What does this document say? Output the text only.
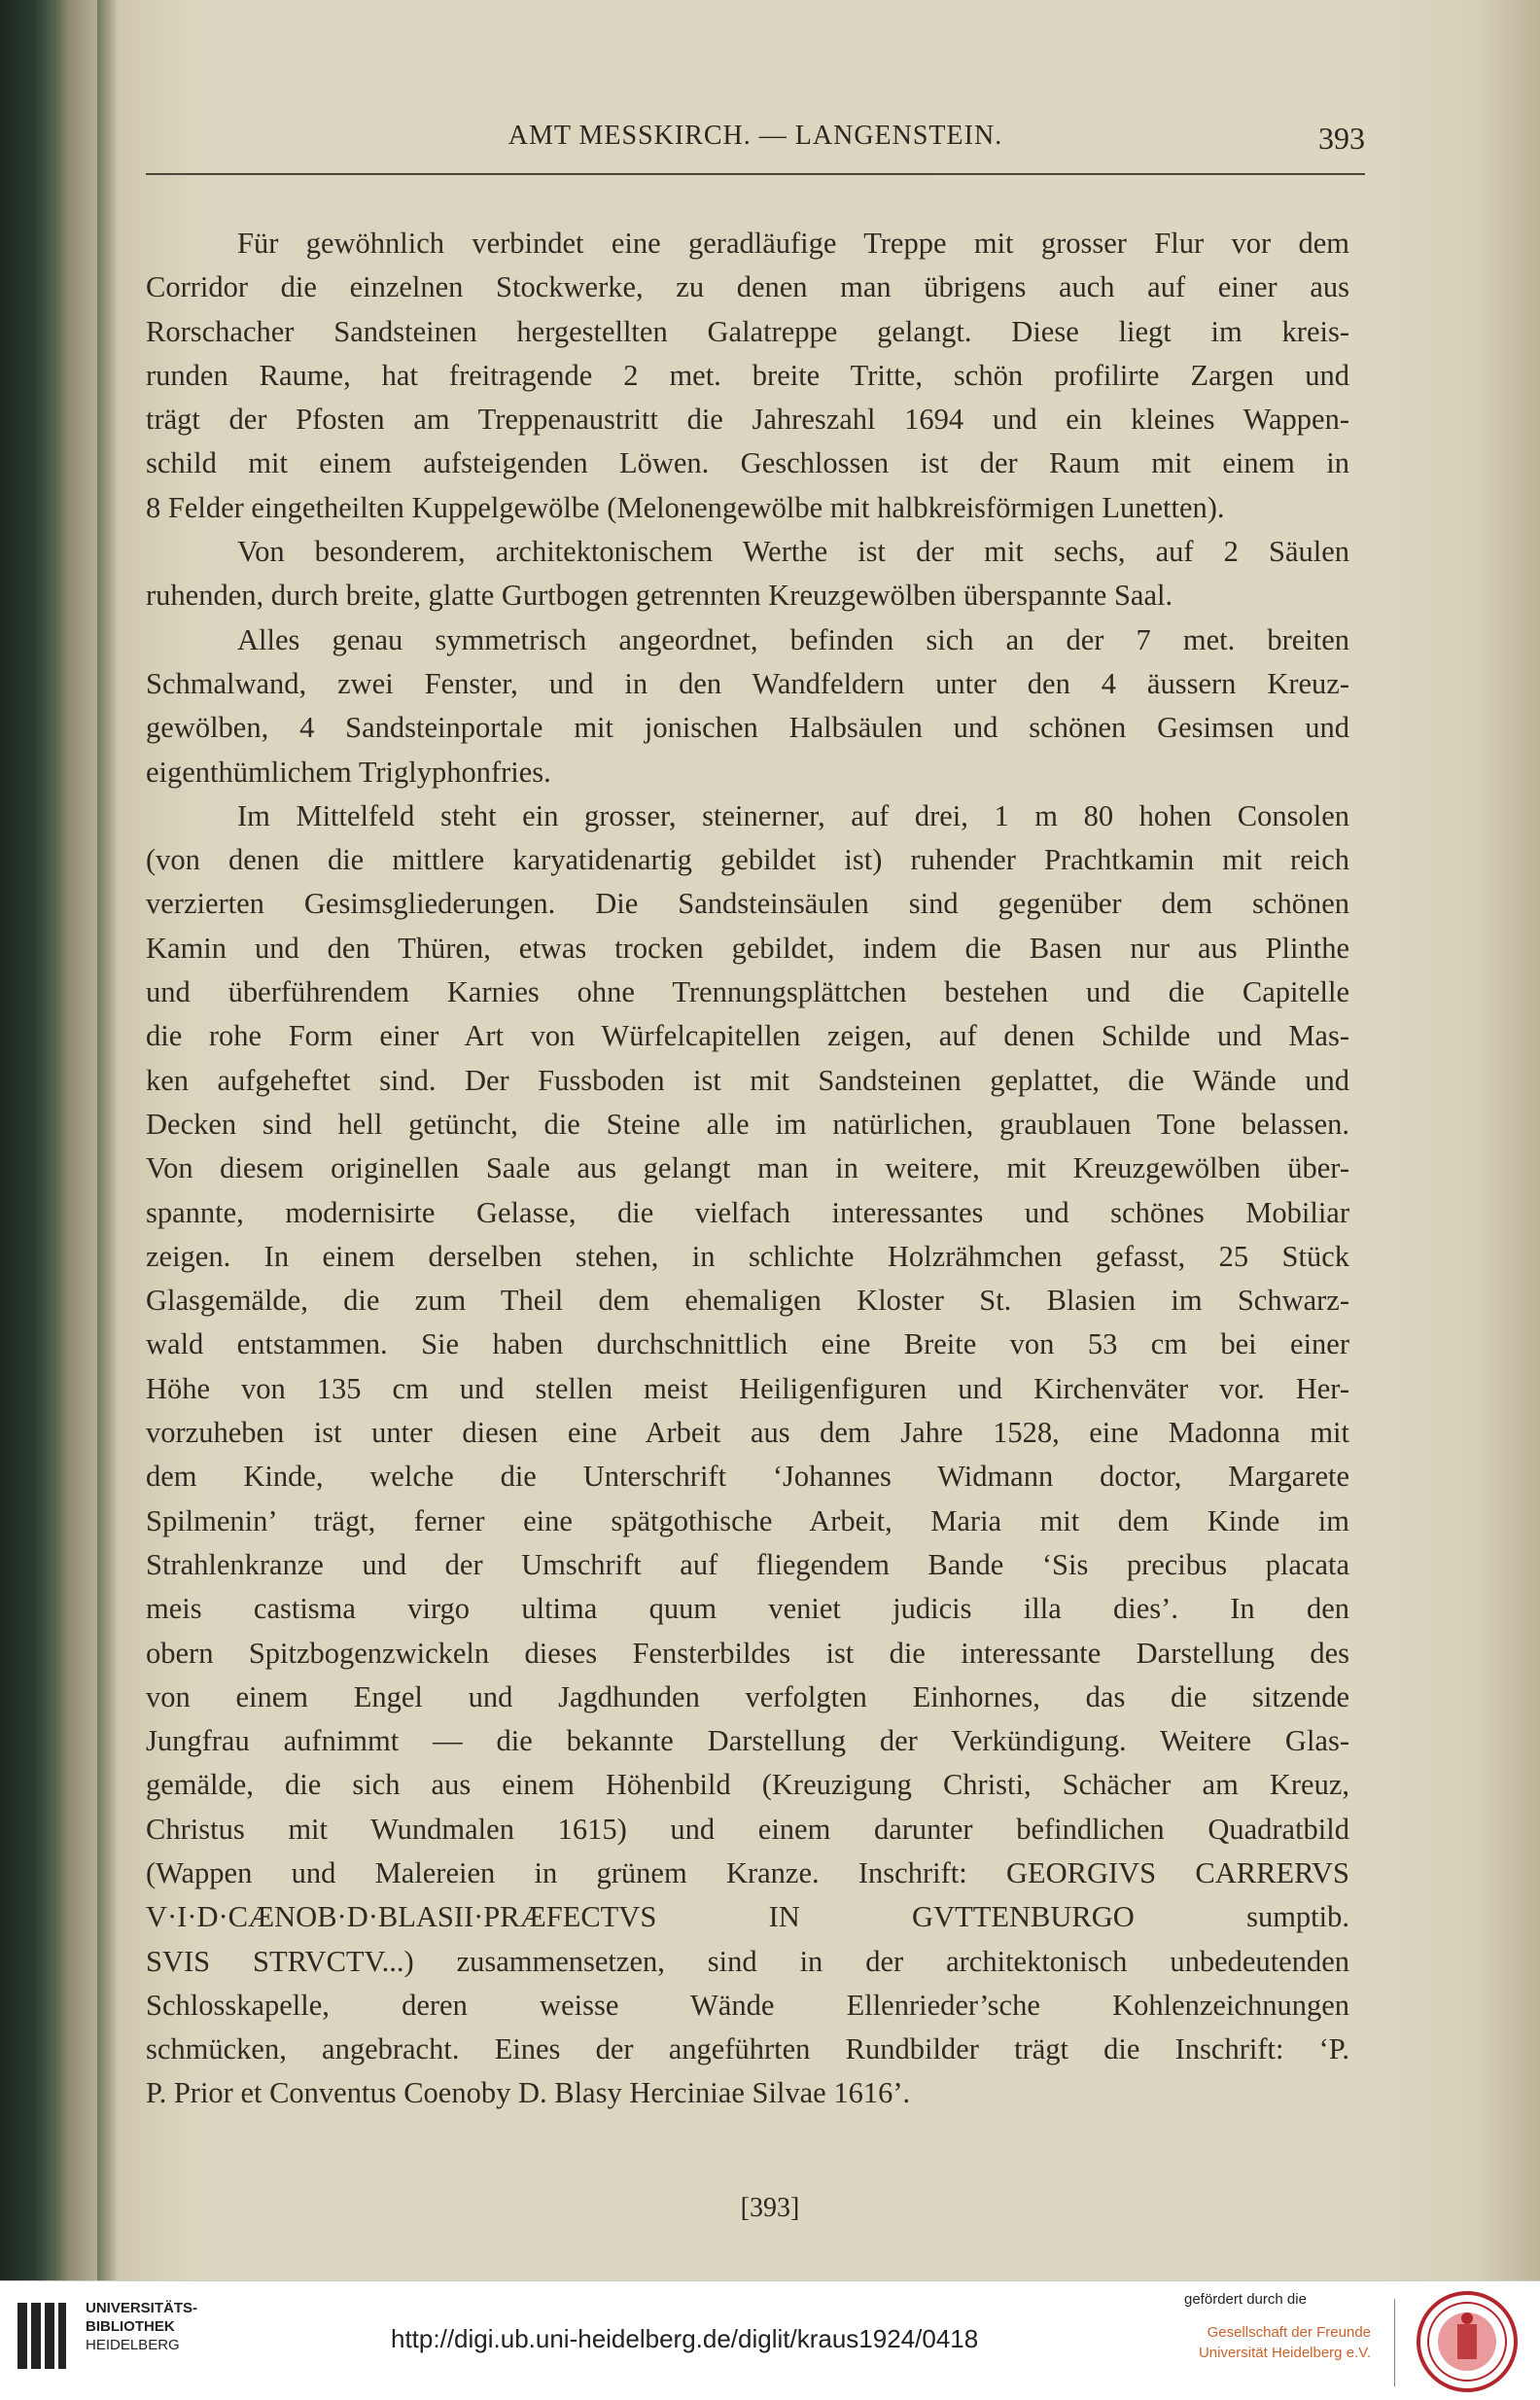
AMT MESSKIRCH. — LANGENSTEIN.	393
Für gewöhnlich verbindet eine geradläufige Treppe mit grosser Flur vor dem
Corridor die einzelnen Stockwerke, zu denen man übrigens auch auf einer aus
Rorschacher Sandsteinen hergestellten Galatreppe gelangt. Diese liegt im kreis-
runden Raume, hat freitragende 2 met. breite Tritte, schön profilirte Zargen und
trägt der Pfosten am Treppenaustritt die Jahreszahl 1694 und ein kleines Wappen-
schild mit einem aufsteigenden Löwen. Geschlossen ist der Raum mit einem in
8 Felder eingetheilten Kuppelgewölbe (Melonengewölbe mit halbkreisförmigen Lunetten).
Von besonderem, architektonischem Werthe ist der mit sechs, auf 2 Säulen
ruhenden, durch breite, glatte Gurtbogen getrennten Kreuzgewölben überspannte Saal.
Alles genau symmetrisch angeordnet, befinden sich an der 7 met. breiten
Schmalwand, zwei Fenster, und in den Wandfeldern unter den 4 äussern Kreuz-
gewölben, 4 Sandsteinportale mit jonischen Halbsäulen und schönen Gesimsen und
eigenthümlichem Triglyphonfries.
Im Mittelfeld steht ein grosser, steinerner, auf drei, 1 m 80 hohen Consolen
(von denen die mittlere karyatidenartig gebildet ist) ruhender Prachtkamin mit reich
verzierten Gesimsgliederungen. Die Sandsteinsäulen sind gegenüber dem schönen
Kamin und den Thüren, etwas trocken gebildet, indem die Basen nur aus Plinthe
und überführendem Karnies ohne Trennungsplättchen bestehen und die Capitelle
die rohe Form einer Art von Würfelcapitellen zeigen, auf denen Schilde und Mas-
ken aufgeheftet sind. Der Fussboden ist mit Sandsteinen geplattet, die Wände und
Decken sind hell getüncht, die Steine alle im natürlichen, graublauen Tone belassen.
Von diesem originellen Saale aus gelangt man in weitere, mit Kreuzgewölben über-
spannte, modernisirte Gelasse, die vielfach interessantes und schönes Mobiliar
zeigen. In einem derselben stehen, in schlichte Holzrähmchen gefasst, 25 Stück
Glasgemälde, die zum Theil dem ehemaligen Kloster St. Blasien im Schwarz-
wald entstammen. Sie haben durchschnittlich eine Breite von 53 cm bei einer
Höhe von 135 cm und stellen meist Heiligenfiguren und Kirchenväter vor. Her-
vorzuheben ist unter diesen eine Arbeit aus dem Jahre 1528, eine Madonna mit
dem Kinde, welche die Unterschrift ‘Johannes Widmann doctor, Margarete
Spilmenin’ trägt, ferner eine spätgothische Arbeit, Maria mit dem Kinde im
Strahlenkranze und der Umschrift auf fliegendem Bande ‘Sis precibus placata
meis castisma virgo ultima quum veniet judicis illa dies’. In den
obern Spitzbogenzwickeln dieses Fensterbildes ist die interessante Darstellung des
von einem Engel und Jagdhunden verfolgten Einhornes, das die sitzende
Jungfrau aufnimmt — die bekannte Darstellung der Verkündigung. Weitere Glas-
gemälde, die sich aus einem Höhenbild (Kreuzigung Christi, Schächer am Kreuz,
Christus mit Wundmalen 1615) und einem darunter befindlichen Quadratbild
(Wappen und Malereien in grünem Kranze. Inschrift: GEORGIVS CARRERVS
V·I·D·CÆNOB·D·BLASII·PRÆFECTVS IN GVTTENBURGO sumptib.
SVIS STRVCTV...) zusammensetzen, sind in der architektonisch unbedeutenden
Schlosskapelle, deren weisse Wände Ellenrieder’sche Kohlenzeichnungen
schmücken, angebracht. Eines der angeführten Rundbilder trägt die Inschrift: ‘P.
P. Prior et Conventus Coenoby D. Blasy Herciniae Silvae 1616’.
[393]
UNIVERSITÄTS-
BIBLIOTHEK
HEIDELBERG	http://digi.ub.uni-heidelberg.de/diglit/kraus1924/0418
gefördert durch die
Gesellschaft der Freunde
Universität Heidelberg e.V.
